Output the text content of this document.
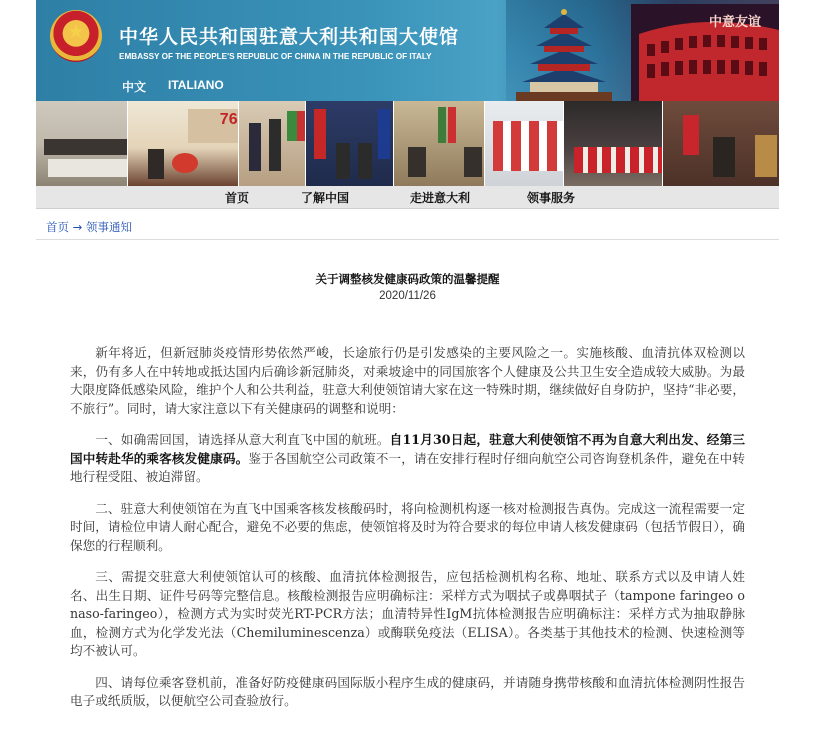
★	中华人民共和国驻意大利共和国大使馆
EMBASSY OF THE PEOPLE'S REPUBLIC OF CHINA IN THE REPUBLIC OF ITALY
中文 ITALIANO
中意友谊
76
首页	了解中国	走进意大利	领事服务
首页 → 领事通知
关于调整核发健康码政策的温馨提醒
2020/11/26

新年将近，但新冠肺炎疫情形势依然严峻，长途旅行仍是引发感染的主要风险之一。实施核酸、血清抗体双检测以来，仍有多人在中转地或抵达国内后确诊新冠肺炎，对乘坡途中的同国旅客个人健康及公共卫生安全造成较大威胁。为最大限度降低感染风险，维护个人和公共利益，驻意大利使领馆请大家在这一特殊时期，继续做好自身防护，坚持“非必要，不旅行”。同时，请大家注意以下有关健康码的调整和说明：

一、如确需回国，请选择从意大利直飞中国的航班。自11月30日起，驻意大利使领馆不再为自意大利出发、经第三国中转赴华的乘客核发健康码。鉴于各国航空公司政策不一，请在安排行程时仔细向航空公司咨询登机条件，避免在中转地行程受阻、被迫滞留。

二、驻意大利使领馆在为直飞中国乘客核发核酸码时，将向检测机构逐一核对检测报告真伪。完成这一流程需要一定时间，请检位申请人耐心配合，避免不必要的焦虑，使领馆将及时为符合要求的每位申请人核发健康码（包括节假日），确保您的行程顺利。

三、需提交驻意大利使领馆认可的核酸、血清抗体检测报告，应包括检测机构名称、地址、联系方式以及申请人姓名、出生日期、证件号码等完整信息。核酸检测报告应明确标注：采样方式为咽拭子或鼻咽拭子（tampone faringeo o naso-faringeo），检测方式为实时荧光RT-PCR方法；血清特异性IgM抗体检测报告应明确标注：采样方式为抽取静脉血，检测方式为化学发光法（Chemiluminescenza）或酶联免疫法（ELISA）。各类基于其他技术的检测、快速检测等均不被认可。

四、请每位乘客登机前，准备好防疫健康码国际版小程序生成的健康码，并请随身携带核酸和血清抗体检测阴性报告电子或纸质版，以便航空公司查验放行。
